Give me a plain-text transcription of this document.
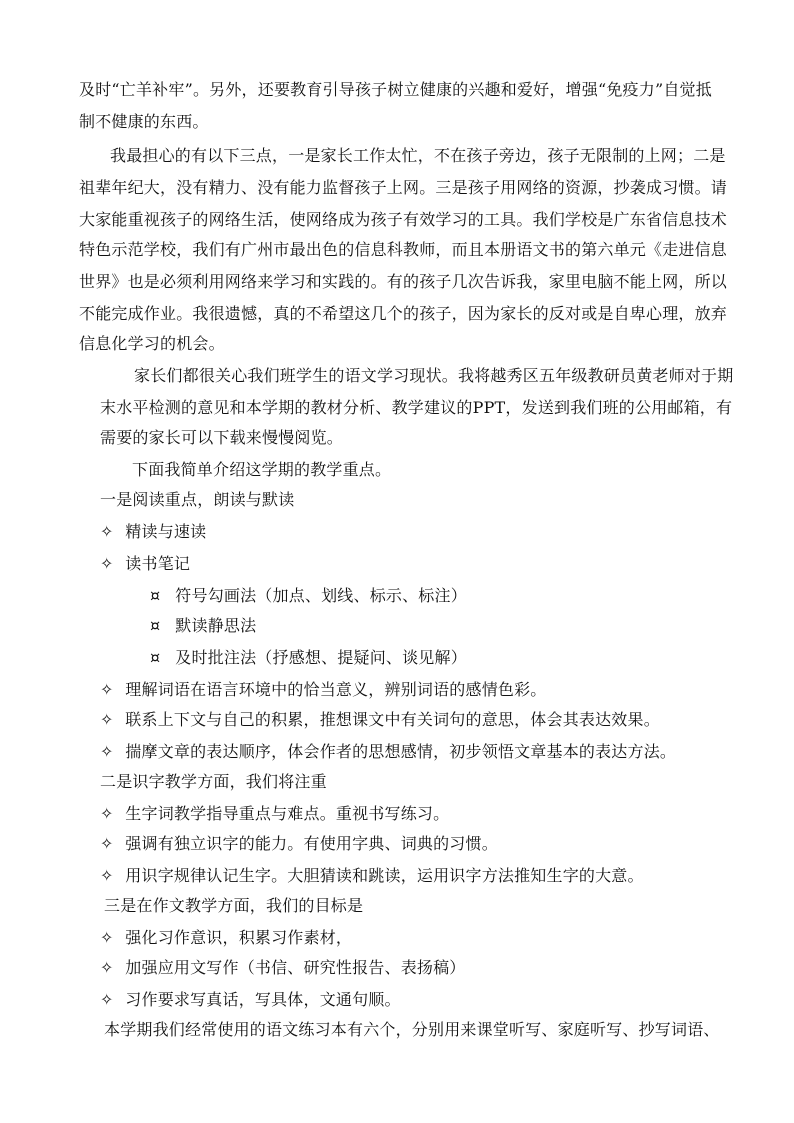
及时“亡羊补牢”。另外，还要教育引导孩子树立健康的兴趣和爱好，增强“免疫力”自觉抵
制不健康的东西。
我最担心的有以下三点，一是家长工作太忙，不在孩子旁边，孩子无限制的上网；二是
祖辈年纪大，没有精力、没有能力监督孩子上网。三是孩子用网络的资源，抄袭成习惯。请
大家能重视孩子的网络生活，使网络成为孩子有效学习的工具。我们学校是广东省信息技术
特色示范学校，我们有广州市最出色的信息科教师，而且本册语文书的第六单元《走进信息
世界》也是必须利用网络来学习和实践的。有的孩子几次告诉我，家里电脑不能上网，所以
不能完成作业。我很遗憾，真的不希望这几个的孩子，因为家长的反对或是自卑心理，放弃
信息化学习的机会。
家长们都很关心我们班学生的语文学习现状。我将越秀区五年级教研员黄老师对于期
末水平检测的意见和本学期的教材分析、教学建议的PPT，发送到我们班的公用邮箱，有
需要的家长可以下载来慢慢阅览。
下面我简单介绍这学期的教学重点。
一是阅读重点，朗读与默读
✧ 精读与速读
✧ 读书笔记
¤ 符号勾画法（加点、划线、标示、标注）
¤ 默读静思法
¤ 及时批注法（抒感想、提疑问、谈见解）
✧ 理解词语在语言环境中的恰当意义，辨别词语的感情色彩。
✧ 联系上下文与自己的积累，推想课文中有关词句的意思，体会其表达效果。
✧ 揣摩文章的表达顺序，体会作者的思想感情，初步领悟文章基本的表达方法。
二是识字教学方面，我们将注重
✧ 生字词教学指导重点与难点。重视书写练习。
✧ 强调有独立识字的能力。有使用字典、词典的习惯。
✧ 用识字规律认记生字。大胆猜读和跳读，运用识字方法推知生字的大意。
三是在作文教学方面，我们的目标是
✧ 强化习作意识，积累习作素材，
✧ 加强应用文写作（书信、研究性报告、表扬稿）
✧ 习作要求写真话，写具体，文通句顺。
本学期我们经常使用的语文练习本有六个，分别用来课堂听写、家庭听写、抄写词语、
